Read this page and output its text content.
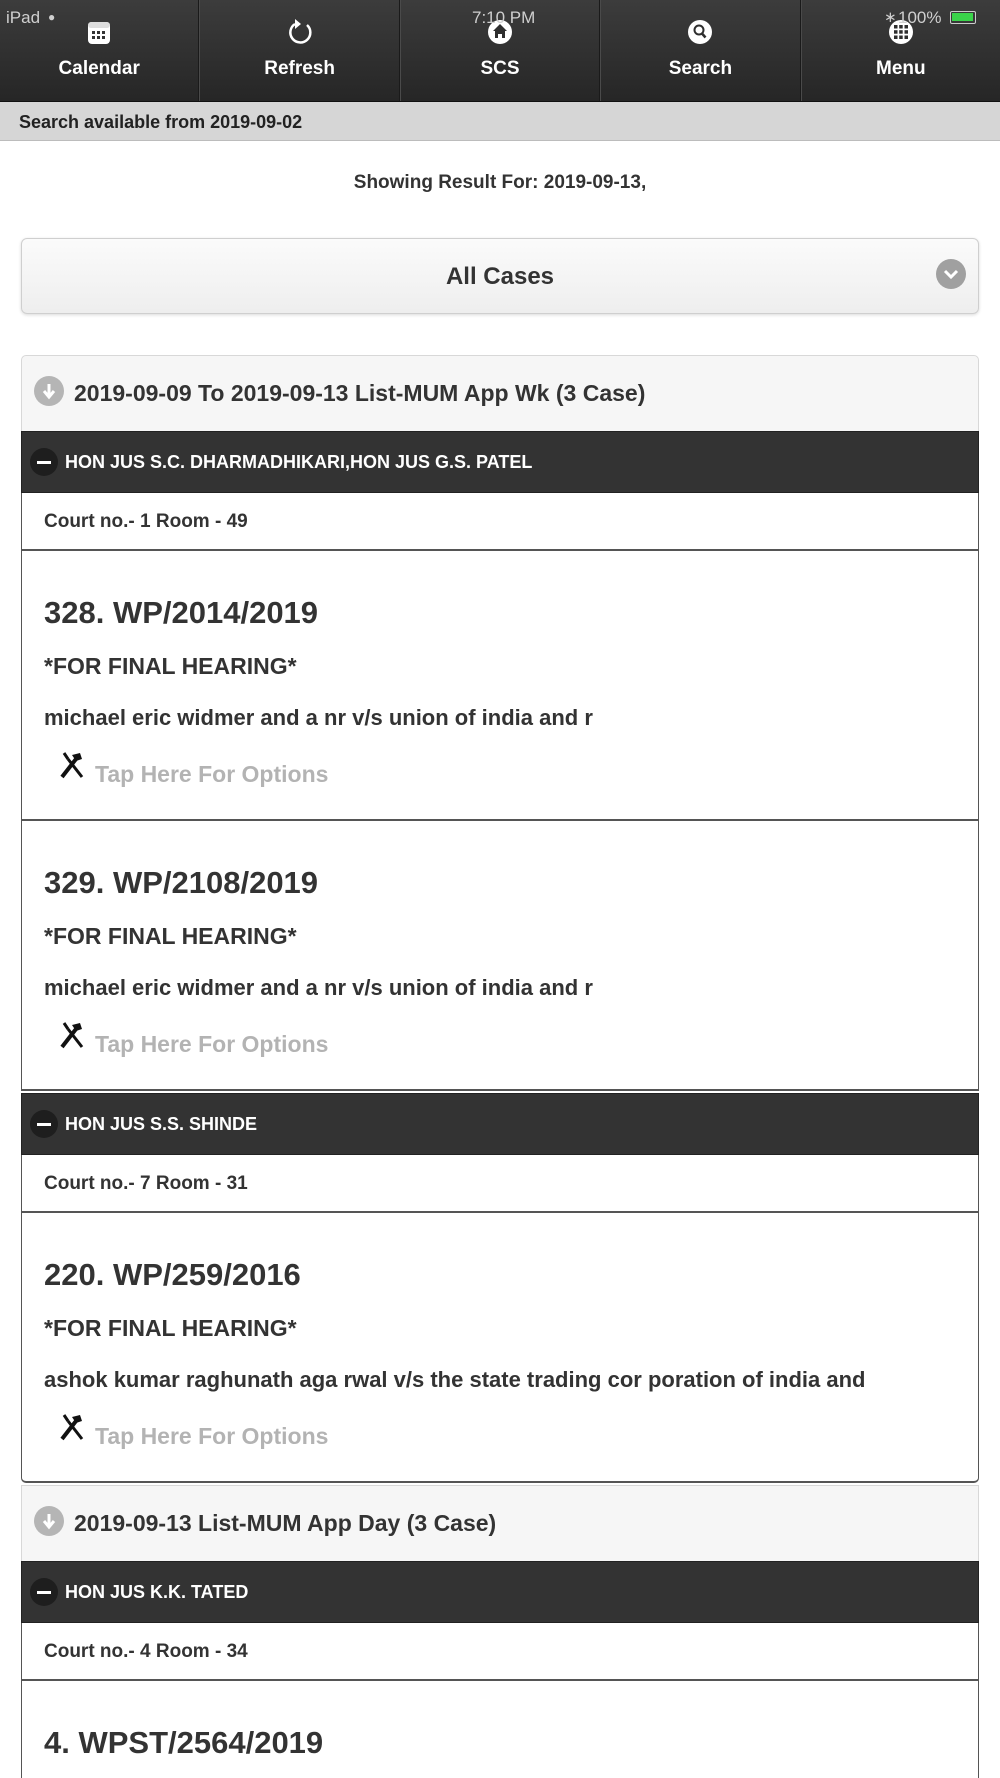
Calendar	Refresh	SCS	Search	Menu
iPad ●	7:10 PM	∗ 100%
Search available from 2019-09-02
Showing Result For: 2019-09-13,
All Cases
2019-09-09 To 2019-09-13 List-MUM App Wk (3 Case)
HON JUS S.C. DHARMADHIKARI,HON JUS G.S. PATEL
Court no.- 1 Room - 49
328. WP/2014/2019
*FOR FINAL HEARING*
michael eric widmer and a nr v/s union of india and r
Tap Here For Options
329. WP/2108/2019
*FOR FINAL HEARING*
michael eric widmer and a nr v/s union of india and r
Tap Here For Options
HON JUS S.S. SHINDE
Court no.- 7 Room - 31
220. WP/259/2016
*FOR FINAL HEARING*
ashok kumar raghunath aga rwal v/s the state trading cor poration of india and
Tap Here For Options
2019-09-13 List-MUM App Day (3 Case)
HON JUS K.K. TATED
Court no.- 4 Room - 34
4. WPST/2564/2019
